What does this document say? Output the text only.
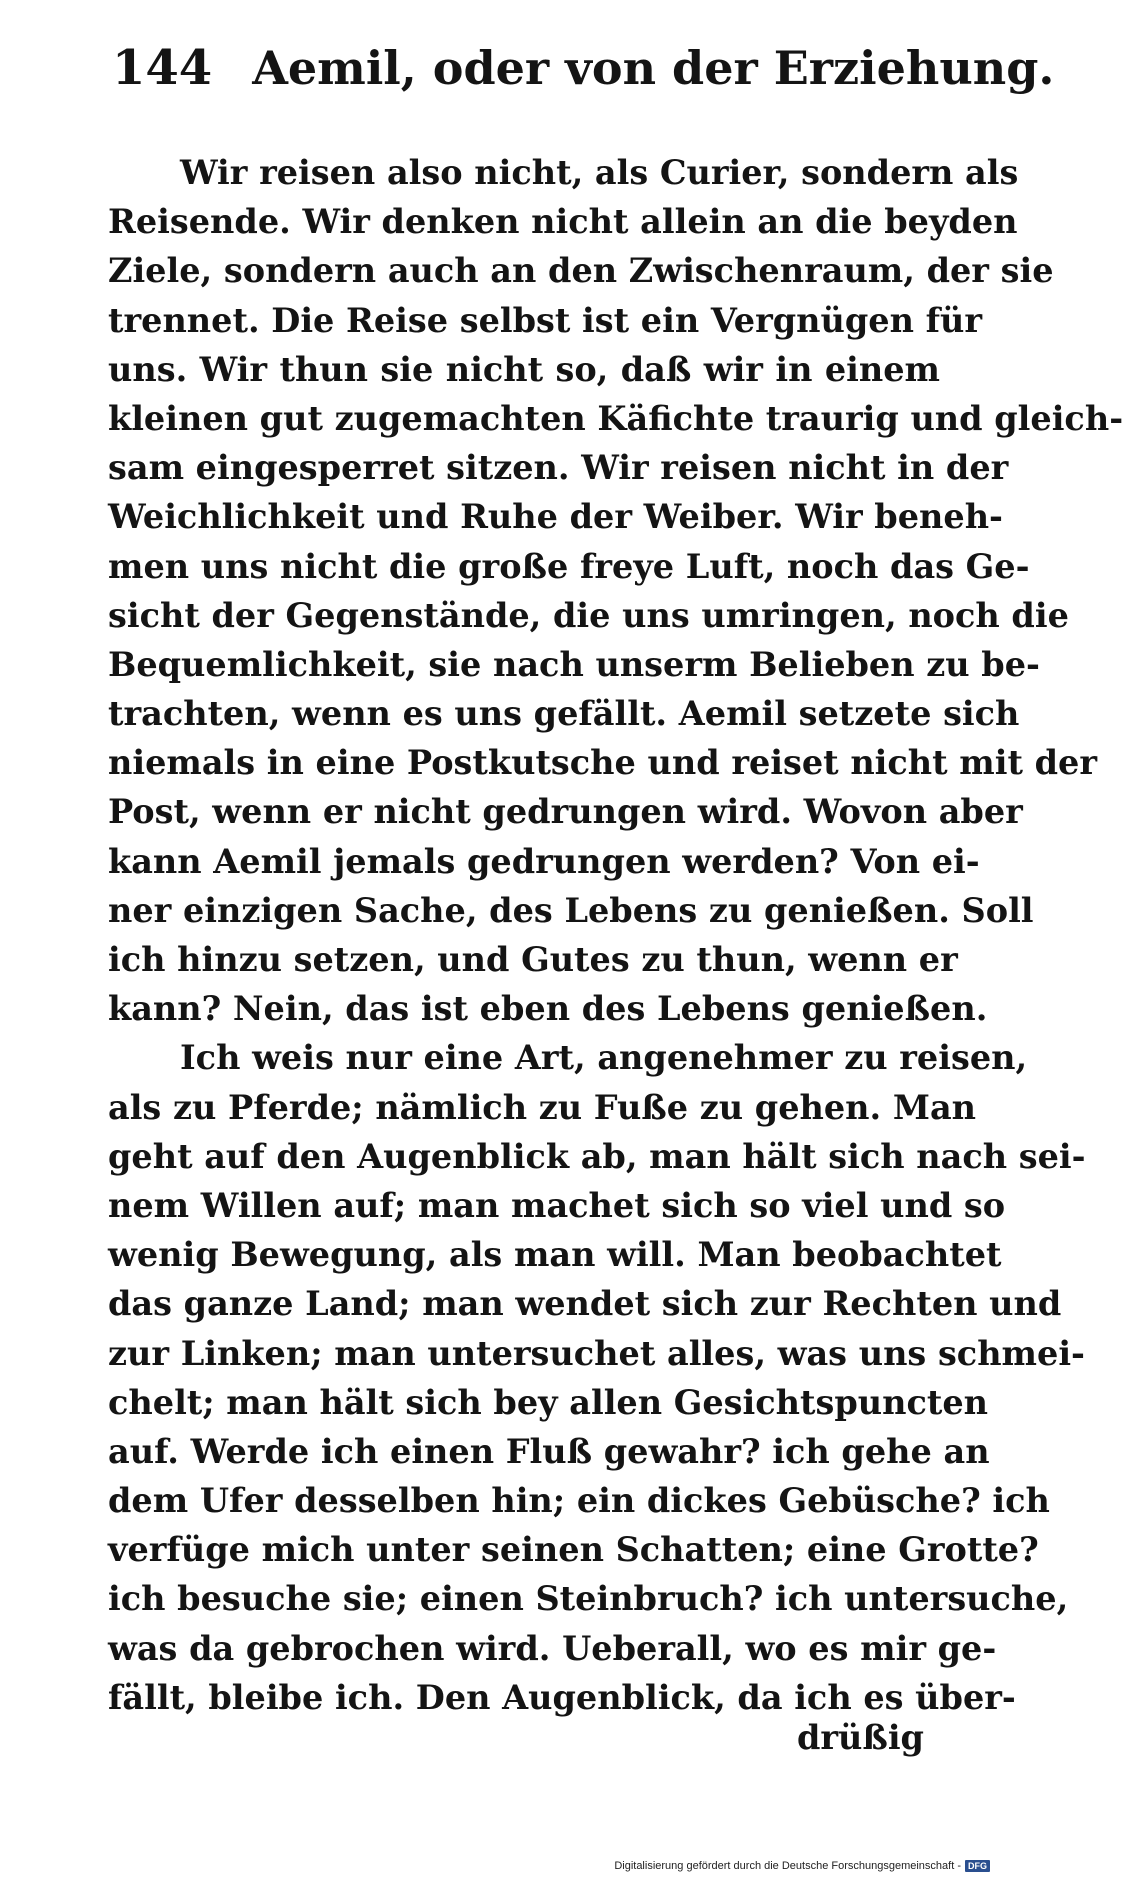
144 Aemil, oder von der Erziehung.
Wir reisen also nicht, als Curier, sondern als
Reisende. Wir denken nicht allein an die beyden
Ziele, sondern auch an den Zwischenraum, der sie
trennet. Die Reise selbst ist ein Vergnügen für
uns. Wir thun sie nicht so, daß wir in einem
kleinen gut zugemachten Käfichte traurig und gleich-
sam eingesperret sitzen. Wir reisen nicht in der
Weichlichkeit und Ruhe der Weiber. Wir beneh-
men uns nicht die große freye Luft, noch das Ge-
sicht der Gegenstände, die uns umringen, noch die
Bequemlichkeit, sie nach unserm Belieben zu be-
trachten, wenn es uns gefällt. Aemil setzete sich
niemals in eine Postkutsche und reiset nicht mit der
Post, wenn er nicht gedrungen wird. Wovon aber
kann Aemil jemals gedrungen werden? Von ei-
ner einzigen Sache, des Lebens zu genießen. Soll
ich hinzu setzen, und Gutes zu thun, wenn er
kann? Nein, das ist eben des Lebens genießen.
Ich weis nur eine Art, angenehmer zu reisen,
als zu Pferde; nämlich zu Fuße zu gehen. Man
geht auf den Augenblick ab, man hält sich nach sei-
nem Willen auf; man machet sich so viel und so
wenig Bewegung, als man will. Man beobachtet
das ganze Land; man wendet sich zur Rechten und
zur Linken; man untersuchet alles, was uns schmei-
chelt; man hält sich bey allen Gesichtspuncten
auf. Werde ich einen Fluß gewahr? ich gehe an
dem Ufer desselben hin; ein dickes Gebüsche? ich
verfüge mich unter seinen Schatten; eine Grotte?
ich besuche sie; einen Steinbruch? ich untersuche,
was da gebrochen wird. Ueberall, wo es mir ge-
fällt, bleibe ich. Den Augenblick, da ich es über-
drüßig
Digitalisierung gefördert durch die Deutsche Forschungsgemeinschaft - DFG
